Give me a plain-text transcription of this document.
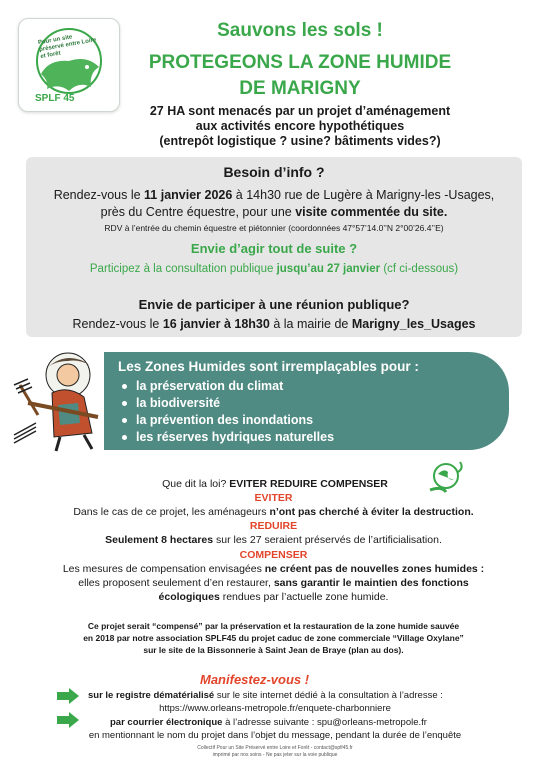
Pour un site préservé entre Loire et forêt
SPLF 45
Sauvons les sols !
PROTEGEONS LA ZONE HUMIDE
DE MARIGNY
27 HA sont menacés par un projet d’aménagement
aux activités encore hypothétiques
(entrepôt logistique ? usine? bâtiments vides?)
Besoin d’info ?
Rendez-vous le 11 janvier 2026 à 14h30 rue de Lugère à Marigny-les -Usages,
près du Centre équestre, pour une visite commentée du site.
RDV à l’entrée du chemin équestre et piétonnier (coordonnées 47°57’14.0’’N 2°00’26.4’’E)
Envie d’agir tout de suite ?
Participez à la consultation publique jusqu’au 27 janvier (cf ci-dessous)
Envie de participer à une réunion publique?
Rendez-vous le 16 janvier à 18h30 à la mairie de Marigny_les_Usages
Les Zones Humides sont irremplaçables pour :
la préservation du climat
la biodiversité
la prévention des inondations
les réserves hydriques naturelles
Que dit la loi? EVITER REDUIRE COMPENSER
EVITER
Dans le cas de ce projet, les aménageurs n’ont pas cherché à éviter la destruction.
REDUIRE
Seulement 8 hectares sur les 27 seraient préservés de l’artificialisation.
COMPENSER
Les mesures de compensation envisagées ne créent pas de nouvelles zones humides :
elles proposent seulement d’en restaurer, sans garantir le maintien des fonctions
écologiques rendues par l’actuelle zone humide.
Ce projet serait “compensé” par la préservation et la restauration de la zone humide sauvée
en 2018 par notre association SPLF45 du projet caduc de zone commerciale “Village Oxylane”
sur le site de la Bissonnerie à Saint Jean de Braye (plan au dos).
Manifestez-vous !
sur le registre dématérialisé sur le site internet dédié à la consultation à l’adresse :
https://www.orleans-metropole.fr/enquete-charbonniere
par courrier électronique à l’adresse suivante : spu@orleans-metropole.fr
en mentionnant le nom du projet dans l’objet du message, pendant la durée de l’enquête
Collectif Pour un Site Préservé entre Loire et Forêt - contact@splf45.fr
imprimé par nos soins - Ne pas jeter sur la voie publique
